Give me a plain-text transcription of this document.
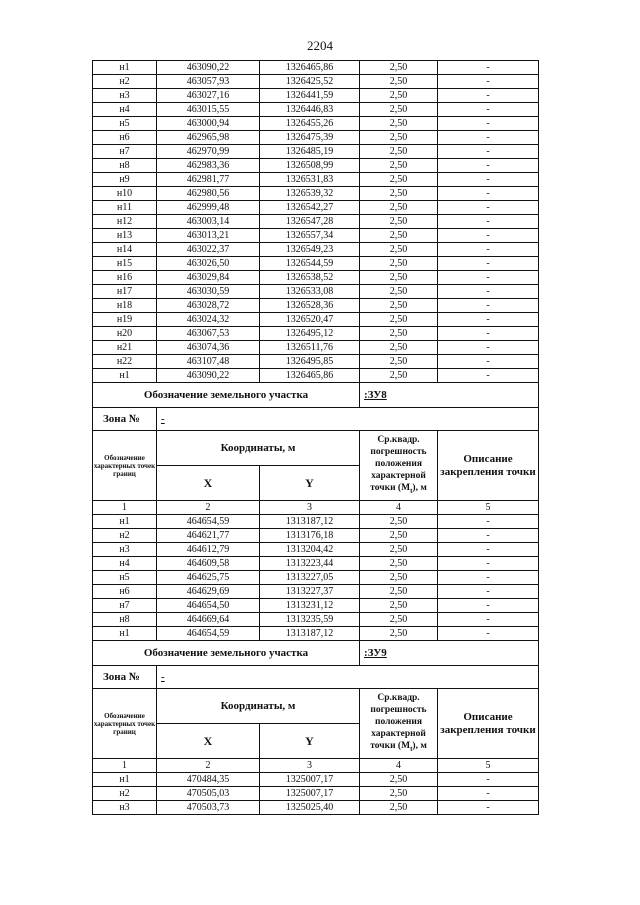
2204
н1	463090,22	1326465,86	2,50	-
н2	463057,93	1326425,52	2,50	-
н3	463027,16	1326441,59	2,50	-
н4	463015,55	1326446,83	2,50	-
н5	463000,94	1326455,26	2,50	-
н6	462965,98	1326475,39	2,50	-
н7	462970,99	1326485,19	2,50	-
н8	462983,36	1326508,99	2,50	-
н9	462981,77	1326531,83	2,50	-
н10	462980,56	1326539,32	2,50	-
н11	462999,48	1326542,27	2,50	-
н12	463003,14	1326547,28	2,50	-
н13	463013,21	1326557,34	2,50	-
н14	463022,37	1326549,23	2,50	-
н15	463026,50	1326544,59	2,50	-
н16	463029,84	1326538,52	2,50	-
н17	463030,59	1326533,08	2,50	-
н18	463028,72	1326528,36	2,50	-
н19	463024,32	1326520,47	2,50	-
н20	463067,53	1326495,12	2,50	-
н21	463074,36	1326511,76	2,50	-
н22	463107,48	1326495,85	2,50	-
н1	463090,22	1326465,86	2,50	-
Обозначение земельного участка			:ЗУ8	
Зона №	-			
Обозначение характерных точек границ	Координаты, м		Ср.квадр. погрешность положения характерной точки $(M_t)$, м	Описание закрепления точки
	X	Y		
1	2	3	4	5
н1	464654,59	1313187,12	2,50	-
н2	464621,77	1313176,18	2,50	-
н3	464612,79	1313204,42	2,50	-
н4	464609,58	1313223,44	2,50	-
н5	464625,75	1313227,05	2,50	-
н6	464629,69	1313227,37	2,50	-
н7	464654,50	1313231,12	2,50	-
н8	464669,64	1313235,59	2,50	-
н1	464654,59	1313187,12	2,50	-
Обозначение земельного участка			:ЗУ9	
Зона №	-			
Обозначение характерных точек границ	Координаты, м		Ср.квадр. погрешность положения характерной точки $(M_t)$, м	Описание закрепления точки
	X	Y		
1	2	3	4	5
н1	470484,35	1325007,17	2,50	-
н2	470505,03	1325007,17	2,50	-
н3	470503,73	1325025,40	2,50	-
